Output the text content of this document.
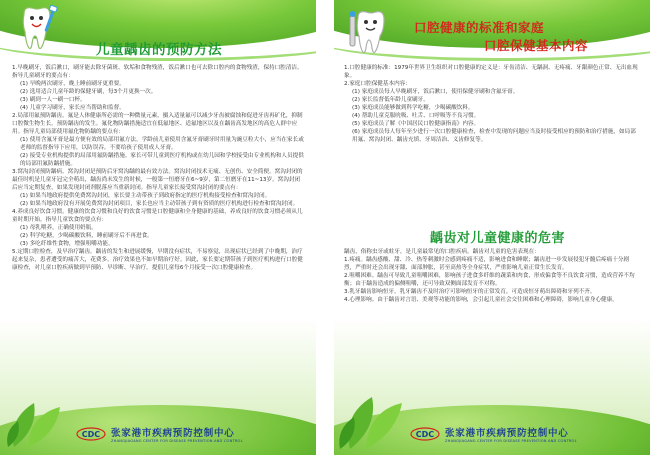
儿童龋齿的预防方法

1.早晚刷牙，饭后漱口，刷牙能去除牙菌斑、软垢和食物残渣，饭后漱口也可去除口腔内的食物残渣，保持口腔清洁。指导儿童刷牙的要点有：

(1) 早晚两次刷牙，晚上睡前刷牙更重要。

(2) 选用适合儿童年龄的保健牙刷，每3个月更换一次。

(3) 刷到一人一刷一口杯。

(4) 儿童学习刷牙，家长应当帮助和监督。

2.局部用氟预防龋齿。氟是人体健康所必需的一种微量元素，摄入适量氟可以减少牙齿被腐蚀和促进牙齿再矿化，抑制口腔微生物生长，预防龋齿的发生。氟化物防龋措施适宜在低氟地区、适氟地区以及在龋齿高发地区的高危人群中应用。指导儿童局部使用氟化物防龋的要点有：

(1) 使用含氟牙膏是最方便有效的局部用氟方法。学龄前儿童使用含氟牙膏刷牙时用量为豌豆粒大小，应当在家长或老师的监督指导下应用，以防误吞。不要给孩子使用成人牙膏。

(2) 接受专业机构提供的局部用氟防龋措施。家长可带儿童到医疗机构或在幼儿园和学校接受由专业机构和人员提供的局部用氟防龋措施。

3.窝沟封闭预防龋病。窝沟封闭是预防后牙窝沟龋的最有效方法。窝沟封闭技术无痛、无创伤、安全简便。窝沟封闭的最佳时机是儿童牙冠完全萌出，龋齿尚未发生的时候，一般第一恒磨牙在6~9岁，第二恒磨牙在11~13岁。窝沟封闭后应当定期复查，如果发现封闭剂脱落应当重新封闭。指导儿童家长接受窝沟封闭的要点有：

(1) 如果当地政府提供免费窝沟封闭，家长要主动带孩子到政府指定的医疗机构接受检查和窝沟封闭。

(2) 如果当地政府没有开展免费窝沟封闭项目，家长也应当主动带孩子到有资质的医疗机构进行检查和窝沟封闭。

4.养成良好饮食习惯。健康的饮食习惯和良好的饮食习惯是口腔健康和全身健康的基础，养成良好的饮食习惯必须从儿童时期开始。指导儿童饮食的要点有：

(1) 母乳喂养，正确使用奶瓶。

(2) 科学吃糖，少喝碳酸饮料，睡前刷牙后不再进食。

(3) 多吃纤维性食物，增强咀嚼功能。

5.定期口腔检查，及早治疗龋齿。龋齿的发生和进展缓慢，早期没有症状，不易察觉，出现症状已经到了中晚期，治疗起来复杂，患者遭受的痛苦大，花费多。治疗效果也不如早期治疗好。因此，家长要定期带孩子到医疗机构进行口腔健康检查，对儿童口腔疾病做到早预防、早诊断、早治疗。提倡儿童每6个月接受一次口腔健康检查。

CDC 张家港市疾病预防控制中心
ZHANGJIAGANG CENTER FOR DISEASE PREVENTION AND CONTROL
口腔健康的标准和家庭
口腔保健基本内容

1.口腔健康的标准：1979年世界卫生组织对口腔健康的定义是：牙齿清洁、无龋洞、无疼痛、牙龈颜色正常、无出血现象。

2.家庭口腔保健基本内容：

(1) 家庭成员每人早晚刷牙，饭后漱口，使用保健牙刷和含氟牙膏。

(2) 家长监督低年龄儿童刷牙。

(3) 家庭成员能够做到科学吃糖，少喝碳酸饮料。

(4) 帮助儿童克服吮吸、吐舌、口呼吸等不良习惯。

(5) 家庭成员了解《中国居民口腔健康指南》内容。

(6) 家庭成员每人每年至少进行一次口腔健康检查，检查中发现的问题应当及时接受相应的预防和治疗措施，如局部用氟、窝沟封闭、龋齿充填、牙周洁治、义齿修复等。

龋齿对儿童健康的危害

龋齿，俗称虫牙或蛀牙，是儿童最常见的口腔疾病。龋齿对儿童的危害表现在：

1.疼痛。龋齿感酸、甜、冷、热等刺激时会感到疼痛不适，影响进食和睡眠；龋齿进一步发展侵犯牙髓后疼痛十分剧烈，严重时还会出现牙龈、面部肿胀，甚至高热等全身症状，严重影响儿童正常生长发育。

2.咀嚼困难。龋齿可导致儿童咀嚼困难，影响孩子进食多纤维的蔬菜和肉食，形成偏食等不良饮食习惯，造成营养不均衡；由于龋齿造成的偏侧咀嚼，还可导致双侧面部发育不对称。

3.乳牙龋齿影响恒牙。乳牙龋齿不及时治疗可影响恒牙的正常发育，可造成恒牙萌出障碍和牙列不齐。

4.心理影响。由于龋齿对言语、美观等功能的影响，会引起儿童社会交往困难和心理障碍，影响儿童身心健康。

CDC 张家港市疾病预防控制中心
ZHANGJIAGANG CENTER FOR DISEASE PREVENTION AND CONTROL
